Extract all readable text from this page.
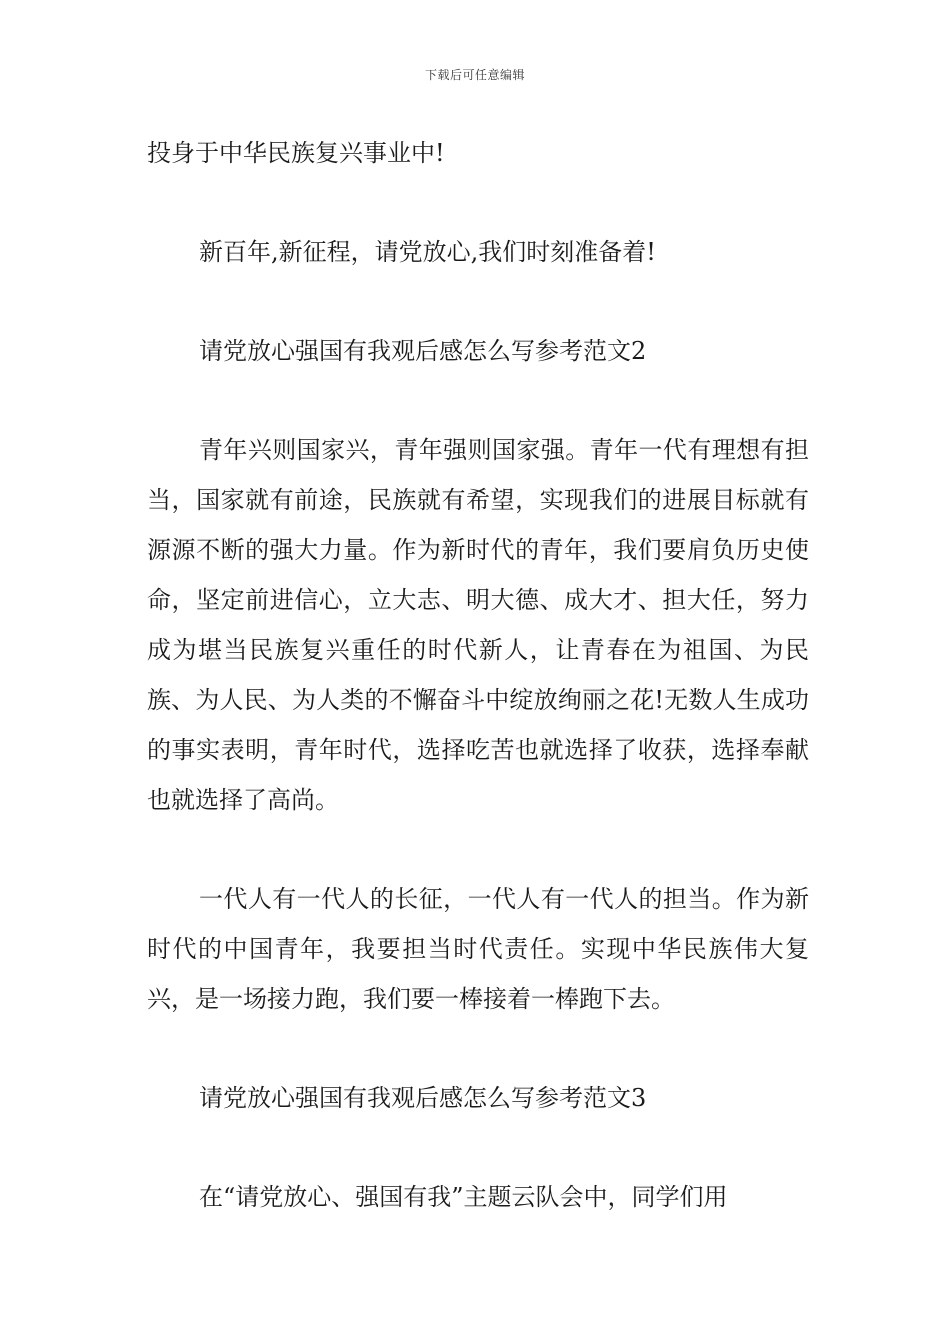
下载后可任意编辑

投身于中华民族复兴事业中!

新百年,新征程，请党放心,我们时刻准备着!

请党放心强国有我观后感怎么写参考范文2

青年兴则国家兴，青年强则国家强。青年一代有理想有担当，国家就有前途，民族就有希望，实现我们的进展目标就有源源不断的强大力量。作为新时代的青年，我们要肩负历史使命，坚定前进信心，立大志、明大德、成大才、担大任，努力成为堪当民族复兴重任的时代新人，让青春在为祖国、为民族、为人民、为人类的不懈奋斗中绽放绚丽之花!无数人生成功的事实表明，青年时代，选择吃苦也就选择了收获，选择奉献也就选择了高尚。

一代人有一代人的长征，一代人有一代人的担当。作为新时代的中国青年，我要担当时代责任。实现中华民族伟大复兴，是一场接力跑，我们要一棒接着一棒跑下去。

请党放心强国有我观后感怎么写参考范文3

在“请党放心、强国有我”主题云队会中，同学们用
